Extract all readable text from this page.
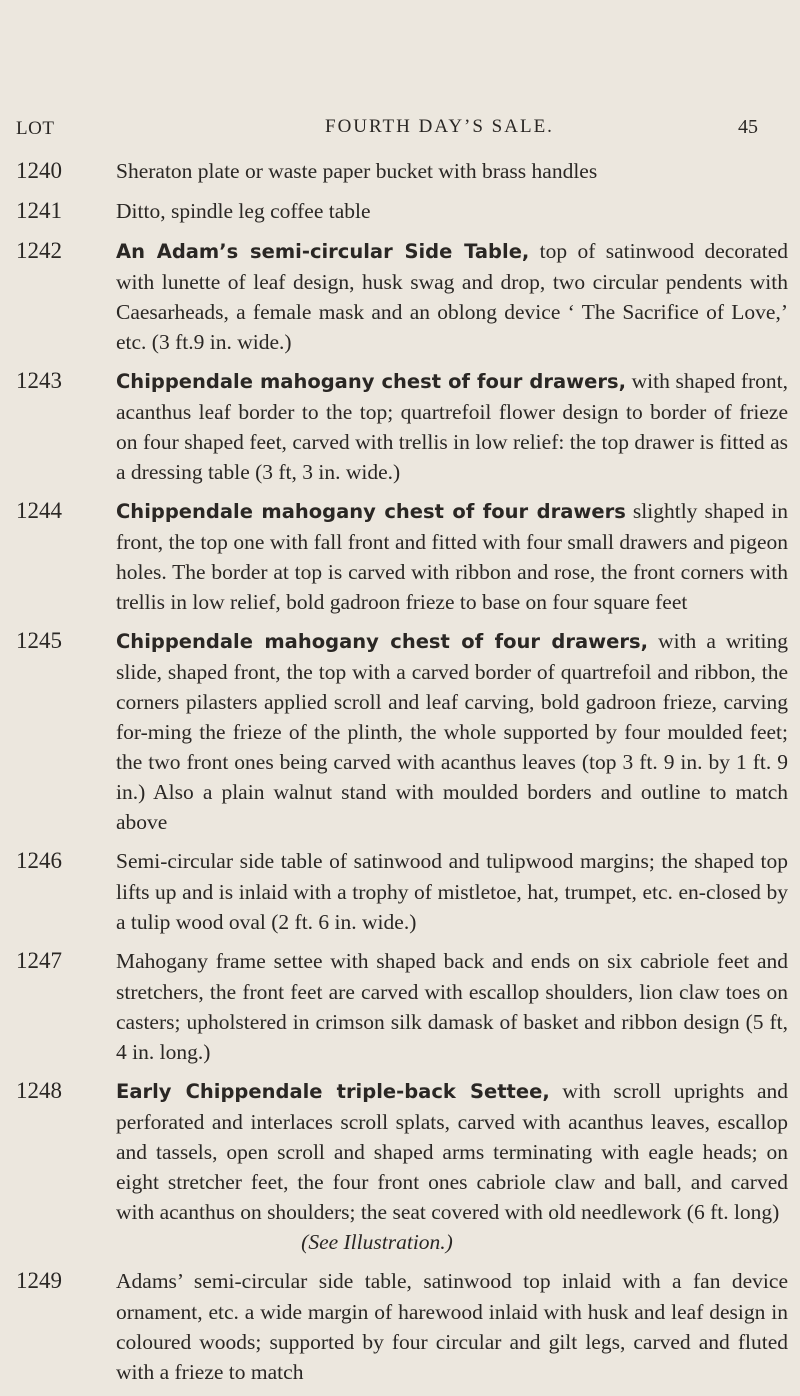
LOT	FOURTH DAY’S SALE.	45
1240	Sheraton plate or waste paper bucket with brass handles
1241	Ditto, spindle leg coffee table
1242	An Adam’s semi-circular Side Table, top of satinwood decorated with lunette of leaf design, husk swag and drop, two circular pendents with Caesarheads, a female mask and an oblong device ‘ The Sacrifice of Love,’ etc. (3 ft.9 in. wide.)
1243	Chippendale mahogany chest of four drawers, with shaped front, acanthus leaf border to the top; quartrefoil flower design to border of frieze on four shaped feet, carved with trellis in low relief: the top drawer is fitted as a dressing table (3 ft, 3 in. wide.)
1244	Chippendale mahogany chest of four drawers slightly shaped in front, the top one with fall front and fitted with four small drawers and pigeon holes. The border at top is carved with ribbon and rose, the front corners with trellis in low relief, bold gadroon frieze to base on four square feet
1245	Chippendale mahogany chest of four drawers, with a writing slide, shaped front, the top with a carved border of quartrefoil and ribbon, the corners pilasters applied scroll and leaf carving, bold gadroon frieze, carving for-ming the frieze of the plinth, the whole supported by four moulded feet; the two front ones being carved with acanthus leaves (top 3 ft. 9 in. by 1 ft. 9 in.) Also a plain walnut stand with moulded borders and outline to match above
1246	Semi-circular side table of satinwood and tulipwood margins; the shaped top lifts up and is inlaid with a trophy of mistletoe, hat, trumpet, etc. en-closed by a tulip wood oval (2 ft. 6 in. wide.)
1247	Mahogany frame settee with shaped back and ends on six cabriole feet and stretchers, the front feet are carved with escallop shoulders, lion claw toes on casters; upholstered in crimson silk damask of basket and ribbon design (5 ft, 4 in. long.)
1248	Early Chippendale triple-back Settee, with scroll uprights and perforated and interlaces scroll splats, carved with acanthus leaves, escallop and tassels, open scroll and shaped arms terminating with eagle heads; on eight stretcher feet, the four front ones cabriole claw and ball, and carved with acanthus on shoulders; the seat covered with old needlework (6 ft. long)
(See Illustration.)
1249	Adams’ semi-circular side table, satinwood top inlaid with a fan device ornament, etc. a wide margin of harewood inlaid with husk and leaf design in coloured woods; supported by four circular and gilt legs, carved and fluted with a frieze to match
